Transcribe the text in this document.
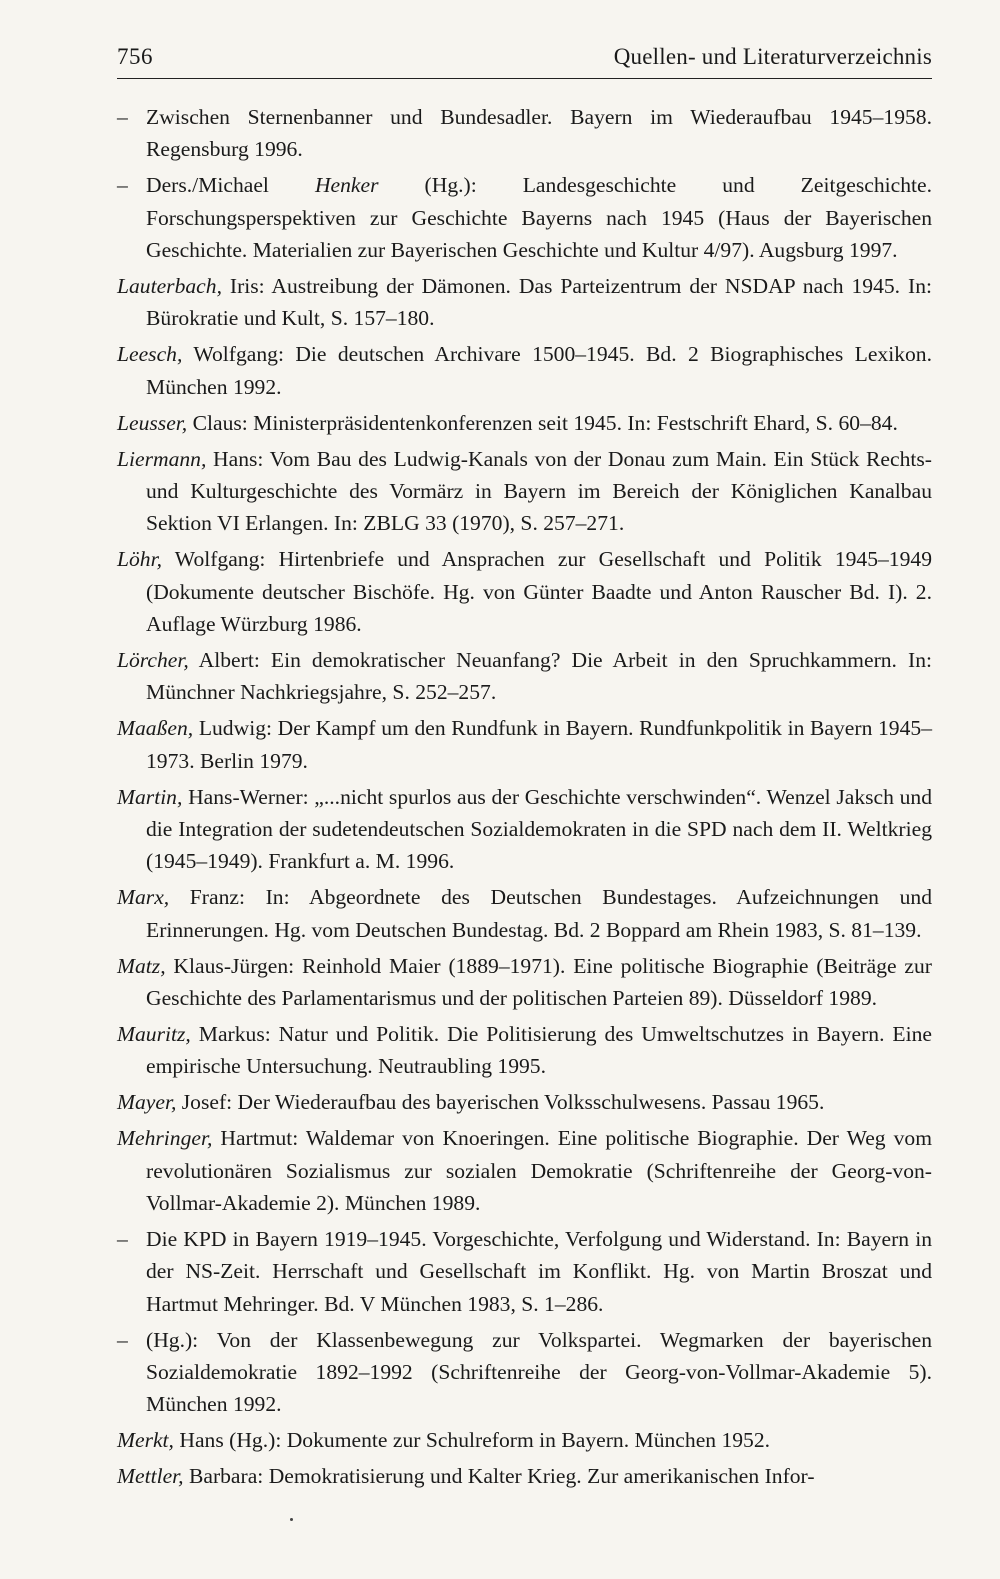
756	Quellen- und Literaturverzeichnis

– Zwischen Sternenbanner und Bundesadler. Bayern im Wiederaufbau 1945–1958. Regensburg 1996.

– Ders./Michael Henker (Hg.): Landesgeschichte und Zeitgeschichte. Forschungsperspektiven zur Geschichte Bayerns nach 1945 (Haus der Bayerischen Geschichte. Materialien zur Bayerischen Geschichte und Kultur 4/97). Augsburg 1997.

Lauterbach, Iris: Austreibung der Dämonen. Das Parteizentrum der NSDAP nach 1945. In: Bürokratie und Kult, S. 157–180.

Leesch, Wolfgang: Die deutschen Archivare 1500–1945. Bd. 2 Biographisches Lexikon. München 1992.

Leusser, Claus: Ministerpräsidentenkonferenzen seit 1945. In: Festschrift Ehard, S. 60–84.

Liermann, Hans: Vom Bau des Ludwig-Kanals von der Donau zum Main. Ein Stück Rechts- und Kulturgeschichte des Vormärz in Bayern im Bereich der Königlichen Kanalbau Sektion VI Erlangen. In: ZBLG 33 (1970), S. 257–271.

Löhr, Wolfgang: Hirtenbriefe und Ansprachen zur Gesellschaft und Politik 1945–1949 (Dokumente deutscher Bischöfe. Hg. von Günter Baadte und Anton Rauscher Bd. I). 2. Auflage Würzburg 1986.

Lörcher, Albert: Ein demokratischer Neuanfang? Die Arbeit in den Spruchkammern. In: Münchner Nachkriegsjahre, S. 252–257.

Maaßen, Ludwig: Der Kampf um den Rundfunk in Bayern. Rundfunkpolitik in Bayern 1945–1973. Berlin 1979.

Martin, Hans-Werner: „...nicht spurlos aus der Geschichte verschwinden“. Wenzel Jaksch und die Integration der sudetendeutschen Sozialdemokraten in die SPD nach dem II. Weltkrieg (1945–1949). Frankfurt a. M. 1996.

Marx, Franz: In: Abgeordnete des Deutschen Bundestages. Aufzeichnungen und Erinnerungen. Hg. vom Deutschen Bundestag. Bd. 2 Boppard am Rhein 1983, S. 81–139.

Matz, Klaus-Jürgen: Reinhold Maier (1889–1971). Eine politische Biographie (Beiträge zur Geschichte des Parlamentarismus und der politischen Parteien 89). Düsseldorf 1989.

Mauritz, Markus: Natur und Politik. Die Politisierung des Umweltschutzes in Bayern. Eine empirische Untersuchung. Neutraubling 1995.

Mayer, Josef: Der Wiederaufbau des bayerischen Volksschulwesens. Passau 1965.

Mehringer, Hartmut: Waldemar von Knoeringen. Eine politische Biographie. Der Weg vom revolutionären Sozialismus zur sozialen Demokratie (Schriftenreihe der Georg-von-Vollmar-Akademie 2). München 1989.

– Die KPD in Bayern 1919–1945. Vorgeschichte, Verfolgung und Widerstand. In: Bayern in der NS-Zeit. Herrschaft und Gesellschaft im Konflikt. Hg. von Martin Broszat und Hartmut Mehringer. Bd. V München 1983, S. 1–286.

– (Hg.): Von der Klassenbewegung zur Volkspartei. Wegmarken der bayerischen Sozialdemokratie 1892–1992 (Schriftenreihe der Georg-von-Vollmar-Akademie 5). München 1992.

Merkt, Hans (Hg.): Dokumente zur Schulreform in Bayern. München 1952.

Mettler, Barbara: Demokratisierung und Kalter Krieg. Zur amerikanischen Infor-
